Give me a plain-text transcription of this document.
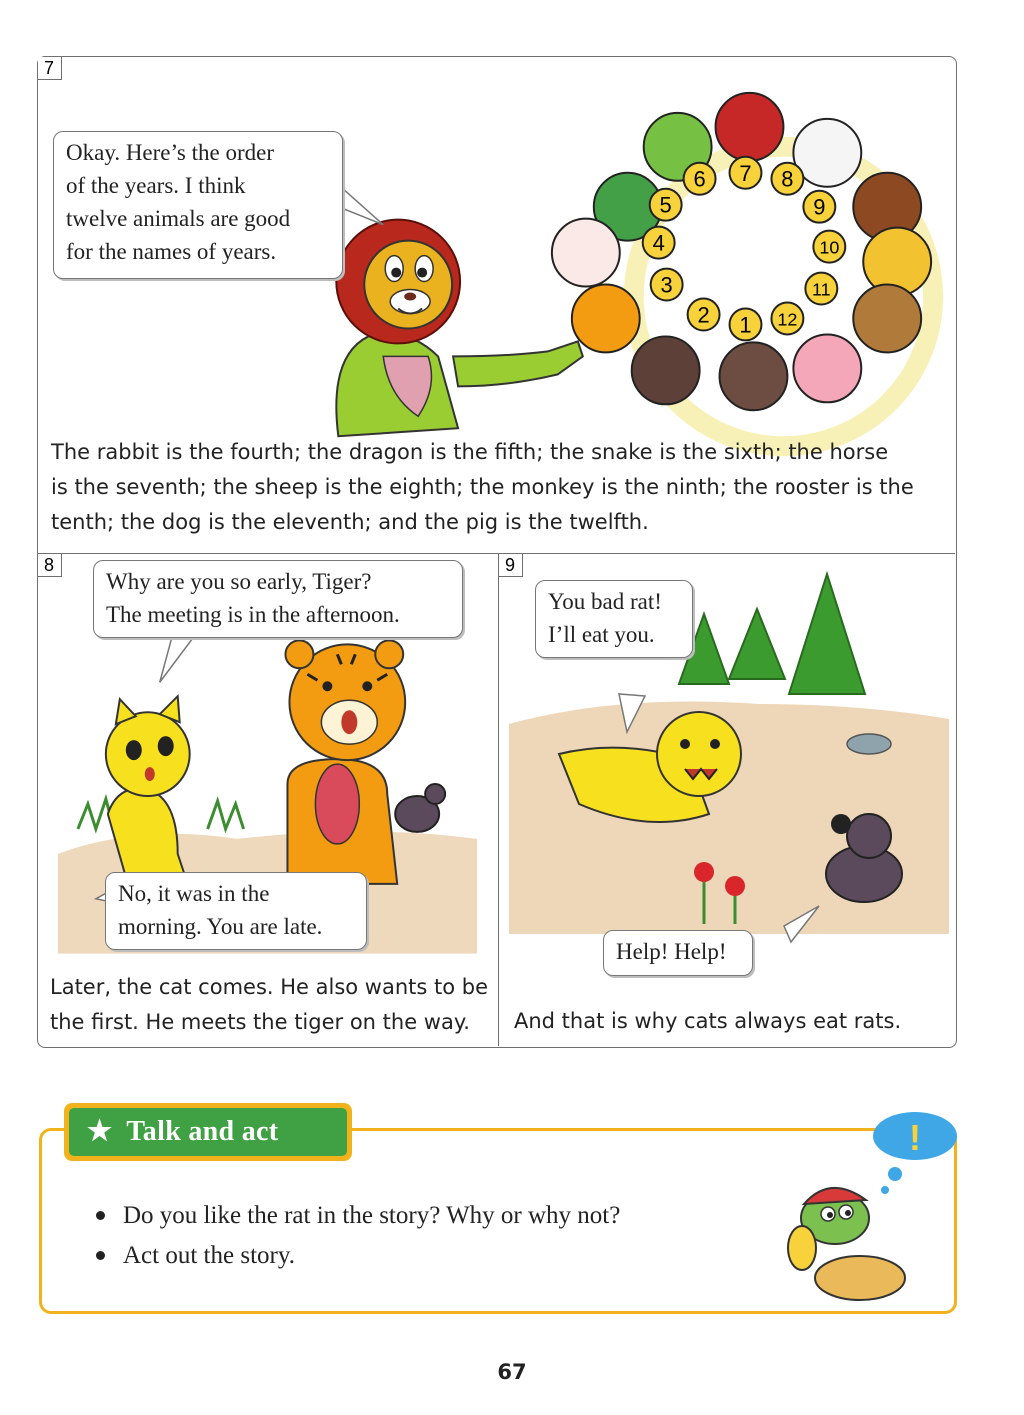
7
1
2
3
4
5
6 7 8
9
10
11
12
Okay. Here’s the order
of the years. I think
twelve animals are good
for the names of years.
The rabbit is the fourth; the dragon is the fifth; the snake is the sixth; the horse
is the seventh; the sheep is the eighth; the monkey is the ninth; the rooster is the
tenth; the dog is the eleventh; and the pig is the twelfth.
8
Why are you so early, Tiger?
The meeting is in the afternoon.
No, it was in the
morning. You are late.
Later, the cat comes. He also wants to be
the first. He meets the tiger on the way.
9
You bad rat!
I’ll eat you.
Help! Help!
And that is why cats always eat rats.
★ Talk and act
Do you like the rat in the story? Why or why not?
Act out the story.
!
67
